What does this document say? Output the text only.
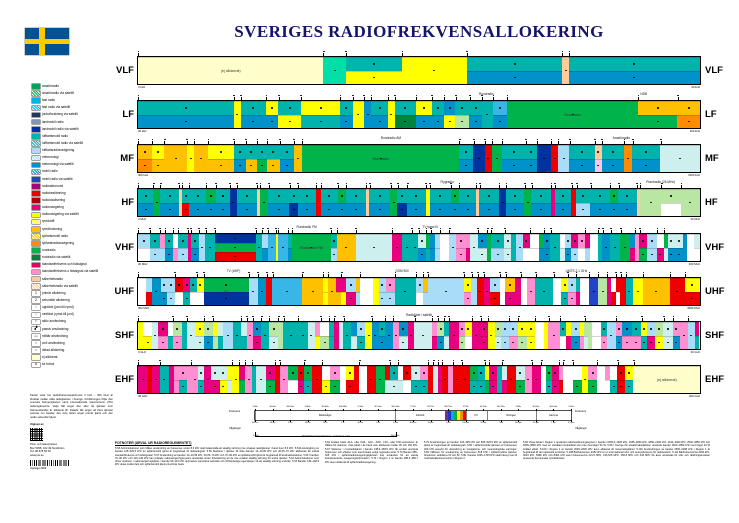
SVERIGES RADIOFREKVENSALLOKERING
amatörradio
amatörradio via satellit
fast radio
fast radio via satellit
jordutforskning via satellit
landmobil radio
landmobil radio via satellit
luftfartsmobil radio
luftfartsmobil radio via satellit
luftfartsradionavigering
meteorologi
meteorologi via satellit
mobil radio
mobil radio via satellit
radioastronomi
radiobestämning
radiolokalisering
radionavigering
radionavigering via satellit
rymddrift
rymdforskning
sjöfartsmobil radio
sjöfartsradionavigering
rundradio
rundradio via satellit
standardfrekvens och tidssignal
standardfrekvens o tidssignal via satellit
säkerhetsradio
säkerhetsradio via satellit
1	primär allokering
2	sekundär allokering
↑	upplänk (jord-till-rymd)
↓	nedlänk (rymd-till-jord)
≈	aktiv användning
▞	passiv användning
▭	militär användning
○	civil användning
•	delad allokering
ej allokerat
#	se fotnot
VLF	VLF
(ej allokerat)
3 kHz	30 kHz
LF	LF
Rundradio
30 kHz	300 kHz
Rundradio	NDB
MF	MF
Rundradio
300 kHz	3000 kHz
Rundradio AM	Amatörradio
HF	HF
3 MHz	30 MHz
Flygradio	Rundradio (26 MHz)
VHF	VHF
Rundradio FM
30 MHz	300 MHz
Rundradio FM	TV band III
UHF	UHF
TV
300 MHz	3000 MHz
TV (UHF)	GSM 900	UMTS 2,1 GHz
SHF	SHF
3 GHz	30 GHz
Radiolänk / satellit
EHF	EHF
(ej allokerat)
30 GHz	300 GHz
Frekvens
Våglängd
Frekvens
Våglängd
3 kHz	30 kHz	300 kHz	3 MHz	30 MHz	300 MHz	3 GHz	30 GHz	300 GHz	3 THz	30 THz	300 THz	3 PHz	30 PHz	300 PHz	3 EHz	30 EHz	300 EHz	3 ZHz
Radiovågor	Infrarött	UV	Röntgen	Gamma
100 km	10 km	1 km	100 m	10 m	1 m	10 cm	1 cm	1 mm	100 µm	10 µm	1 µm	100 nm	10 nm	1 nm	100 pm	10 pm	1 pm	0,1 pm
Radiofrekvensspektrumet – redovisas ovan
3 kHz	300 GHz
FOTNOTER (URVAL UR RADIOREGLEMENTET)
5.53 Administrationer som tillåter användning av frekvenser under 8,3 kHz skall säkerställa att skadlig störning inte orsakas radiotjänster i band över 8,3 kHz. 5.54A Användning av bandet 415–526,5 kHz av sjöfartsmobil tjänst är begränsad till radiotelegrafi. 5.56 Stationer i tjänster till vilka banden 14–19,95 kHz och 20,05–70 kHz allokerats får sända standardfrekvens och tidssignaler. 5.57 Användning av banden 14–19,95 kHz, 20,05–70 kHz och 70–90 kHz av sjöfartsmobil tjänst är begränsad till kustradiostationer. 5.60 I banden 70–90 kHz och 110–130 kHz kan pulsade radionavigeringssystem användas under förutsättning att de inte orsakar skadlig störning för andra tjänster. 5.62 Administrationer som driver stationer i radionavigeringstjänst i bandet 90–110 kHz uppmanas samordna tekniska och driftsmässiga egenskaper så att skadlig störning undviks. 5.63 Bandet 130–148,5 kHz delas mellan fast och sjöfartsmobil tjänst på primär basis.
5.64 Endast klass A1A- eller F1B-, A2C-, A3C-, F1C- eller F3C-emissioner är tillåtna för stationer i fast tjänst i de band som allokerats mellan 90 och 160 kHz. 5.67 Stationer i rundradiotjänst i bandet 148,5–283,5 kHz får endast använda frekvenser och effekter som samordnats enligt regionala avtal. 5.73 Bandet 285–325 kHz i sjöfartsradionavigeringstjänsten kan användas för att sända kompletterande navigeringsinformation. 5.74 I Region 1 är bandet 285,3–285,7 kHz även allokerat till sjöfartsradionavigering.
5.79 Användningen av banden 415–495 kHz och 505–526,5 kHz av sjöfartsmobil tjänst är begränsad till radiotelegrafi. 5.82 I sjöfartsmobila tjänsten är frekvensen 490 kHz avsedd för utsändning av navigations- och meteorologiska varningar. 5.84 Villkoren för användning av frekvensen 518 kHz i sjöfartsmobila tjänsten föreskrivs i artiklarna 31 och 52. 5.90 I bandet 1605–1705 kHz skall hänsyn tas till rundradiotjänstens behov i Region 2.
5.92 Vissa länder i Region 1 använder radiobestämningssystem i banden 1606,5–1625 kHz, 1635–1800 kHz, 1850–2160 kHz, 2194–2300 kHz, 2502–2850 kHz och 3500–3800 kHz med en utstrålad medeleffekt som inte överstiger 50 W. 5.96 I Sverige får amatörradiotjänsten använda bandet 1810–1850 kHz med högst 10 W strålad effekt. 5.100 I Region 1 är bandet 2025–2045 kHz även allokerat till meteorologitjänst. 5.104 Användningen av bandet 2300–2498 kHz i Region 1 är begränsad till det nationella territoriet. 5.108 Bärfrekvensen 2182 kHz är en internationell nöd- och anropsfrekvens för radiotelefoni. 5.111 Bärfrekvenserna 2182 kHz, 3023 kHz, 5680 kHz och 8364 kHz samt frekvenserna 121,5 MHz, 156,525 MHz, 156,8 MHz och 243 MHz får även användas för sök- och räddningsinsatser avseende bemannade rymdfarkoster.

Kartan visar hur radiofrekvensspektrumet 3 kHz – 300 GHz är fördelat mellan olika radiotjänster i Sverige. Fördelningen följer den svenska frekvensplanen samt Internationella teleunionens (ITU) radioreglemente. Varje fält anger den eller de tjänster som frekvensbandet är allokerat till. Delade fält anger att flera tjänster samsas om bandet; den övre delen anger primär tjänst och den nedre sekundär tjänst.

Utgiven av
Post- och telestyrelsen
Box 5398, 102 49 Stockholm
Tel: 08-678 55 00
www.pts.se
Upplaga 2009
